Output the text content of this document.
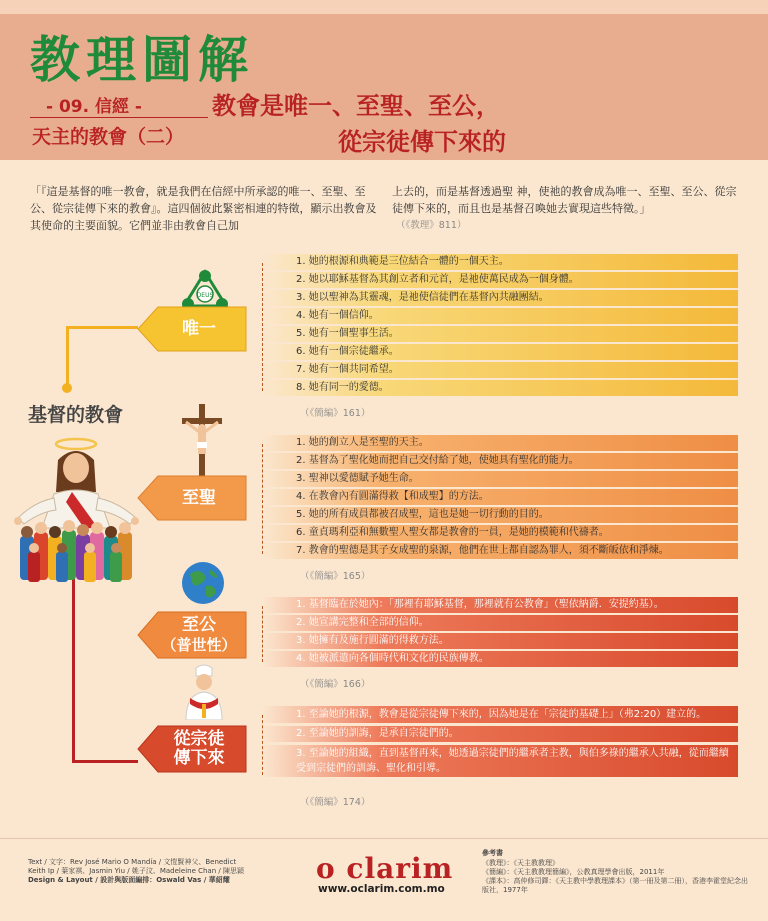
教理圖解
- 09. 信經 -
天主的教會（二）
教會是唯一、至聖、至公，
從宗徒傳下來的
「『這是基督的唯一教會，就是我們在信經中所承認的唯一、至聖、至公、從宗徒傳下來的教會』。這四個彼此緊密相連的特徵，顯示出教會及其使命的主要面貌。它們並非由教會自己加
上去的，而是基督透過聖 神，使祂的教會成為唯一、至聖、至公、從宗徒傳下來的，而且也是基督召喚她去實現這些特徵。」
（《教理》811）
基督的教會
DEUS
唯一
1. 她的根源和典範是三位結合一體的一個天主。
2. 她以耶穌基督為其創立者和元首，是祂使萬民成為一個身體。
3. 她以聖神為其靈魂，是祂使信徒們在基督內共融團結。
4. 她有一個信仰。
5. 她有一個聖事生活。
6. 她有一個宗徒繼承。
7. 她有一個共同希望。
8. 她有同一的愛德。
（《簡編》161）
至聖
1. 她的創立人是至聖的天主。
2. 基督為了聖化她而把自己交付給了她，使她具有聖化的能力。
3. 聖神以愛德賦予她生命。
4. 在教會內有圓滿得救【和成聖】的方法。
5. 她的所有成員都被召成聖，這也是她一切行動的目的。
6. 童貞瑪利亞和無數聖人聖女都是教會的一員，是她的模範和代禱者。
7. 教會的聖德是其子女成聖的泉源，他們在世上都自認為罪人，須不斷皈依和淨煉。
（《簡編》165）
至公
（普世性）
1. 基督臨在於她內：「那裡有耶穌基督，那裡就有公教會」（聖依納爵．安提約基）。
2. 她宣講完整和全部的信仰。
3. 她擁有及施行圓滿的得救方法。
4. 她被派遣向各個時代和文化的民族傳教。
（《簡編》166）
從宗徒
傳下來
1. 至論她的根源，教會是從宗徒傳下來的，因為她是在「宗徒的基礎上」（弗2:20）建立的。
2. 至論她的訓誨，是承自宗徒們的。
3. 至論她的組織，直到基督再來，她透過宗徒們的繼承者主教，與伯多祿的繼承人共融，從而繼續受到宗徒們的訓誨、聖化和引導。
（《簡編》174）
Text / 文字：Rev José Mario O Mandía / 文愷賢神父、Benedict Keith Ip / 葉家祺、Jasmin Yiu / 姚子汶、Madeleine Chan / 陳思穎
Design & Layout / 設計與版面編排：Oswald Vas / 華紹耀	o clarim
www.oclarim.com.mo
參考書
《教理》：《天主教教理》
《簡編》：《天主教教理簡編》，公教真理學會出版，2011年
《課本》：高仲修司鐸：《天主教中學教理課本》（第一冊及第二冊），香港李霍堂紀念出版社，1977年
